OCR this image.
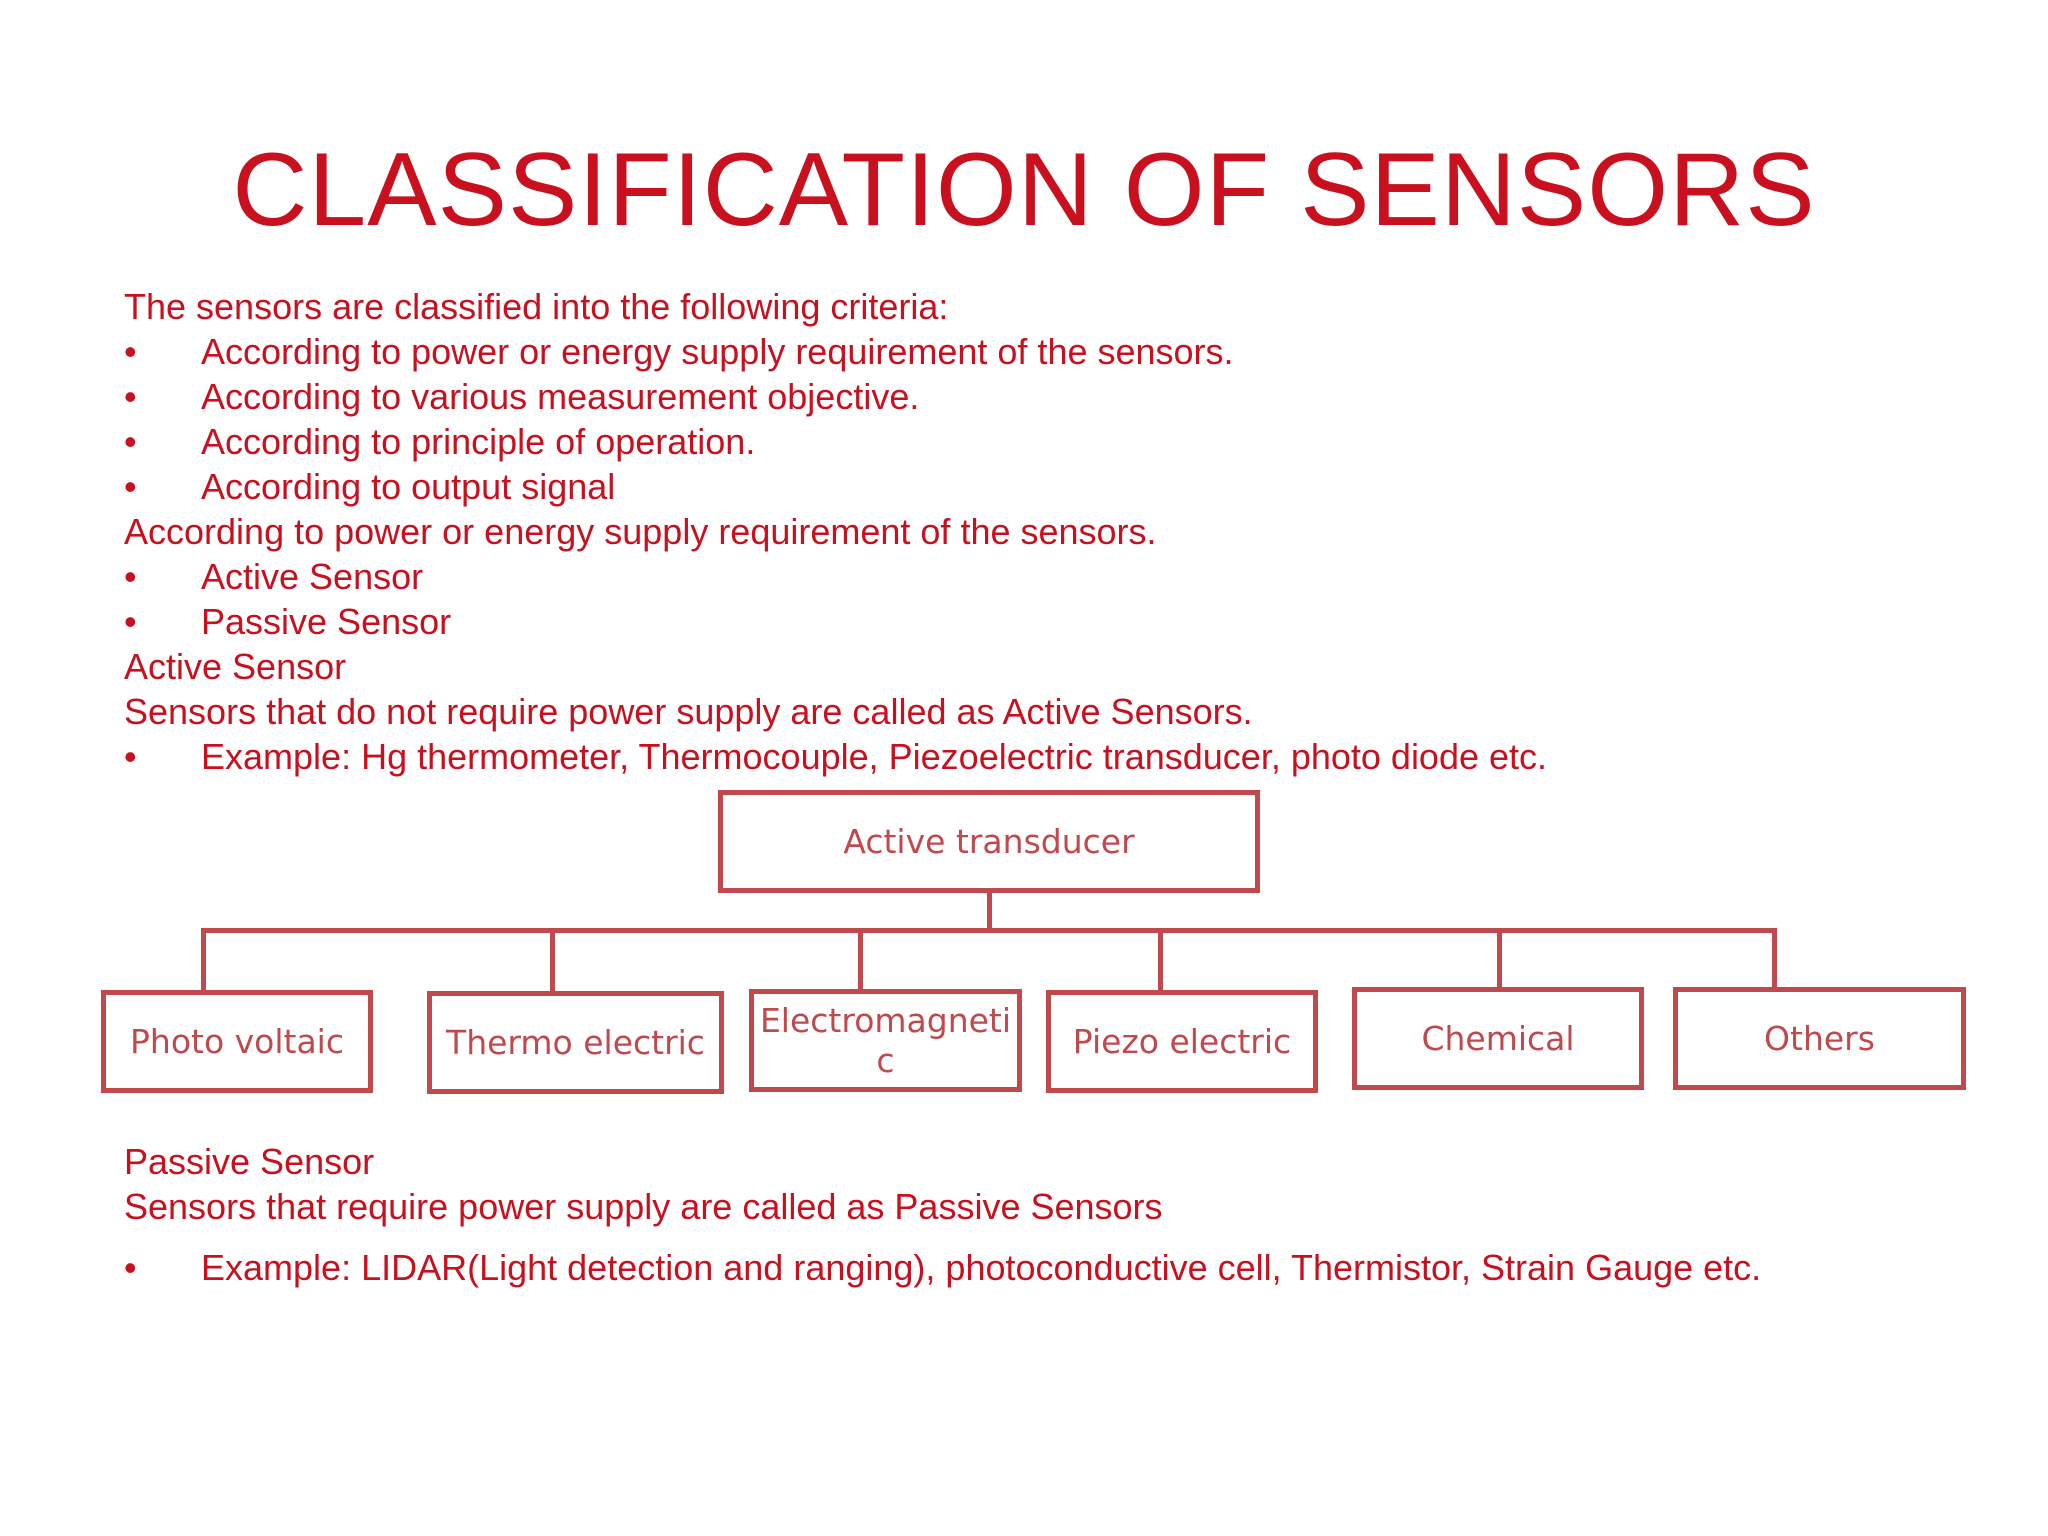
CLASSIFICATION OF SENSORS
The sensors are classified into the following criteria:
• According to power or energy supply requirement of the sensors.
• According to various measurement objective.
• According to principle of operation.
• According to output signal
According to power or energy supply requirement of the sensors.
• Active Sensor
• Passive Sensor
Active Sensor
Sensors that do not require power supply are called as Active Sensors.
• Example: Hg thermometer, Thermocouple, Piezoelectric transducer, photo diode etc.
Active transducer
Photo voltaic	Thermo electric
Electromagneti
c	Piezo electric	Chemical	Others
Passive Sensor
Sensors that require power supply are called as Passive Sensors
• Example: LIDAR(Light detection and ranging), photoconductive cell, Thermistor, Strain Gauge etc.
